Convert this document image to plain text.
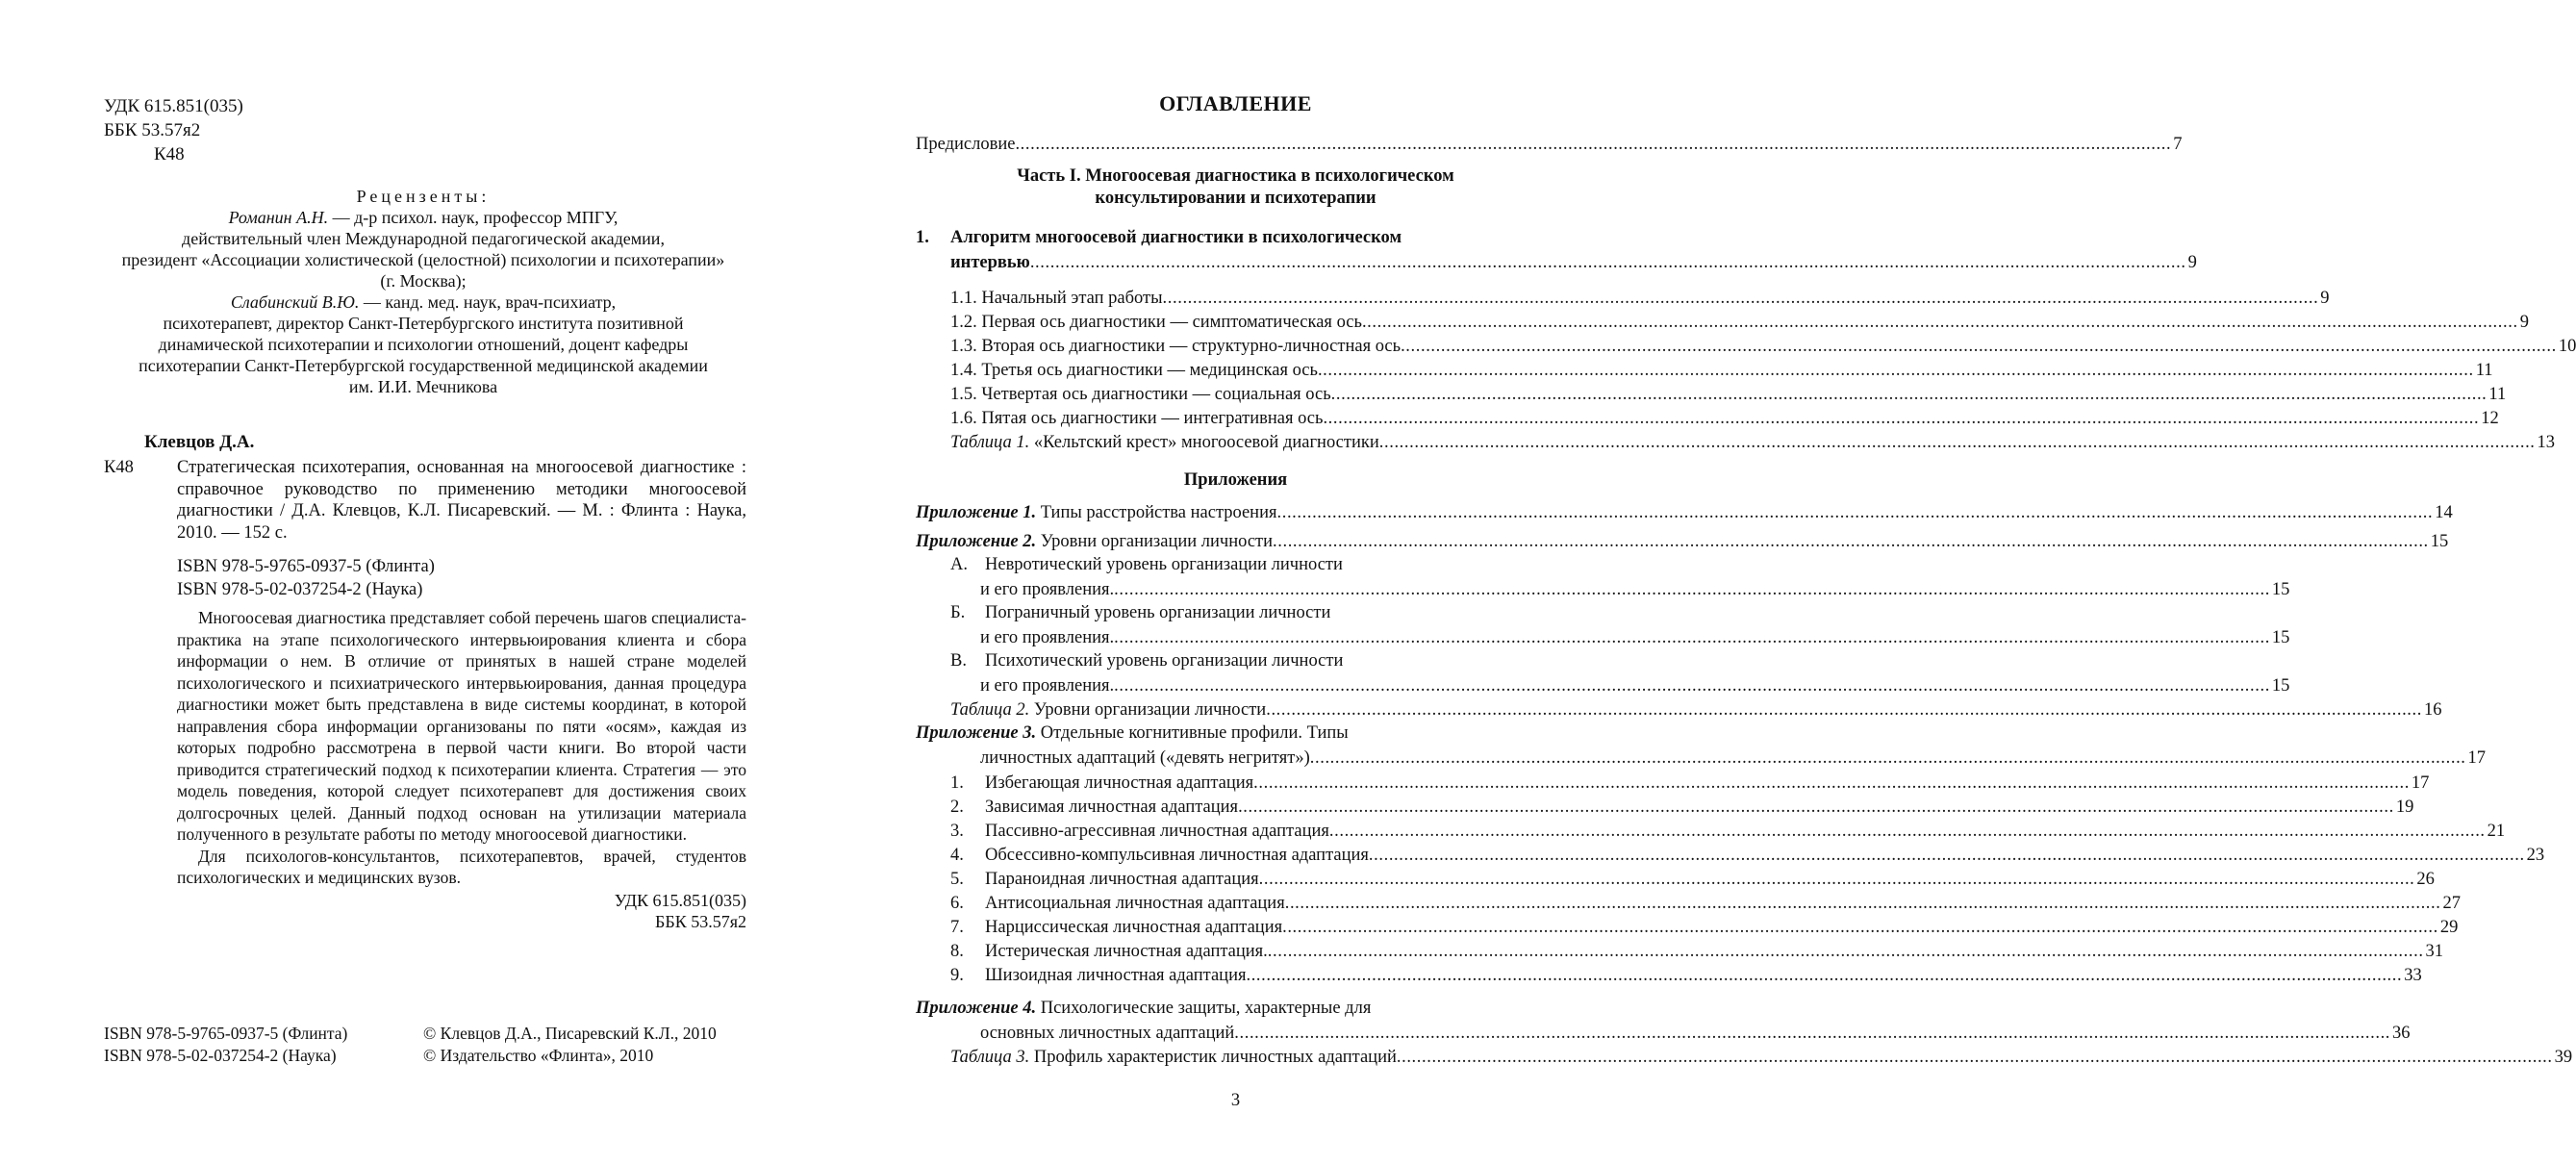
УДК 615.851(035)
ББК 53.57я2
К48
Рецензенты:
Романин А.Н. — д-р психол. наук, профессор МПГУ,
действительный член Международной педагогической академии,
президент «Ассоциации холистической (целостной) психологии и психотерапии»
(г. Москва);
Слабинский В.Ю. — канд. мед. наук, врач-психиатр,
психотерапевт, директор Санкт-Петербургского института позитивной
динамической психотерапии и психологии отношений, доцент кафедры
психотерапии Санкт-Петербургской государственной медицинской академии
им. И.И. Мечникова
Клевцов Д.А.
К48 Стратегическая психотерапия, основанная на многоосевой диагностике : справочное руководство по применению методики многоосевой диагностики / Д.А. Клевцов, К.Л. Писаревский. — М. : Флинта : Наука, 2010. — 152 с.
ISBN 978-5-9765-0937-5 (Флинта)
ISBN 978-5-02-037254-2 (Наука)

Многоосевая диагностика представляет собой перечень шагов специалиста-практика на этапе психологического интервьюирования клиента и сбора информации о нем. В отличие от принятых в нашей стране моделей психологического и психиатрического интервьюирования, данная процедура диагностики может быть представлена в виде системы координат, в которой направления сбора информации организованы по пяти «осям», каждая из которых подробно рассмотрена в первой части книги. Во второй части приводится стратегический подход к психотерапии клиента. Стратегия — это модель поведения, которой следует психотерапевт для достижения своих долгосрочных целей. Данный подход основан на утилизации материала полученного в результате работы по методу многоосевой диагностики.

Для психологов-консультантов, психотерапевтов, врачей, студентов психологических и медицинских вузов.

УДК 615.851(035)
ББК 53.57я2
ISBN 978-5-9765-0937-5 (Флинта)
ISBN 978-5-02-037254-2 (Наука)
© Клевцов Д.А., Писаревский К.Л., 2010
© Издательство «Флинта», 2010
ОГЛАВЛЕНИЕ
Предисловие .....	7
Часть I. Многоосевая диагностика в психологическом
консультировании и психотерапии
1. Алгоритм многоосевой диагностики в психологическом
интервью .....	9
1.1. Начальный этап работы .....	9
1.2. Первая ось диагностики — симптоматическая ось .....	9
1.3. Вторая ось диагностики — структурно-личностная ось .....	10
1.4. Третья ось диагностики — медицинская ось .....	11
1.5. Четвертая ось диагностики — социальная ось .....	11
1.6. Пятая ось диагностики — интегративная ось .....	12
Таблица 1. «Кельтский крест» многоосевой диагностики .....	13
Приложения
Приложение 1. Типы расстройства настроения .....	14
Приложение 2. Уровни организации личности .....	15
А. Невротический уровень организации личности
и его проявления. .....	15
Б. Пограничный уровень организации личности
и его проявления. .....	15
В. Психотический уровень организации личности
и его проявления. .....	15
Таблица 2. Уровни организации личности .....	16
Приложение 3. Отдельные когнитивные профили. Типы
личностных адаптаций («девять негритят») .....	17
1. Избегающая личностная адаптация .....	17
2. Зависимая личностная адаптация .....	19
3. Пассивно-агрессивная личностная адаптация .....	21
4. Обсессивно-компульсивная личностная адаптация .....	23
5. Параноидная личностная адаптация .....	26
6. Антисоциальная личностная адаптация .....	27
7. Нарциссическая личностная адаптация .....	29
8. Истерическая личностная адаптация. .....	31
9. Шизоидная личностная адаптация .....	33
Приложение 4. Психологические защиты, характерные для
основных личностных адаптаций .....	36
Таблица 3. Профиль характеристик личностных адаптаций .....	39
3
